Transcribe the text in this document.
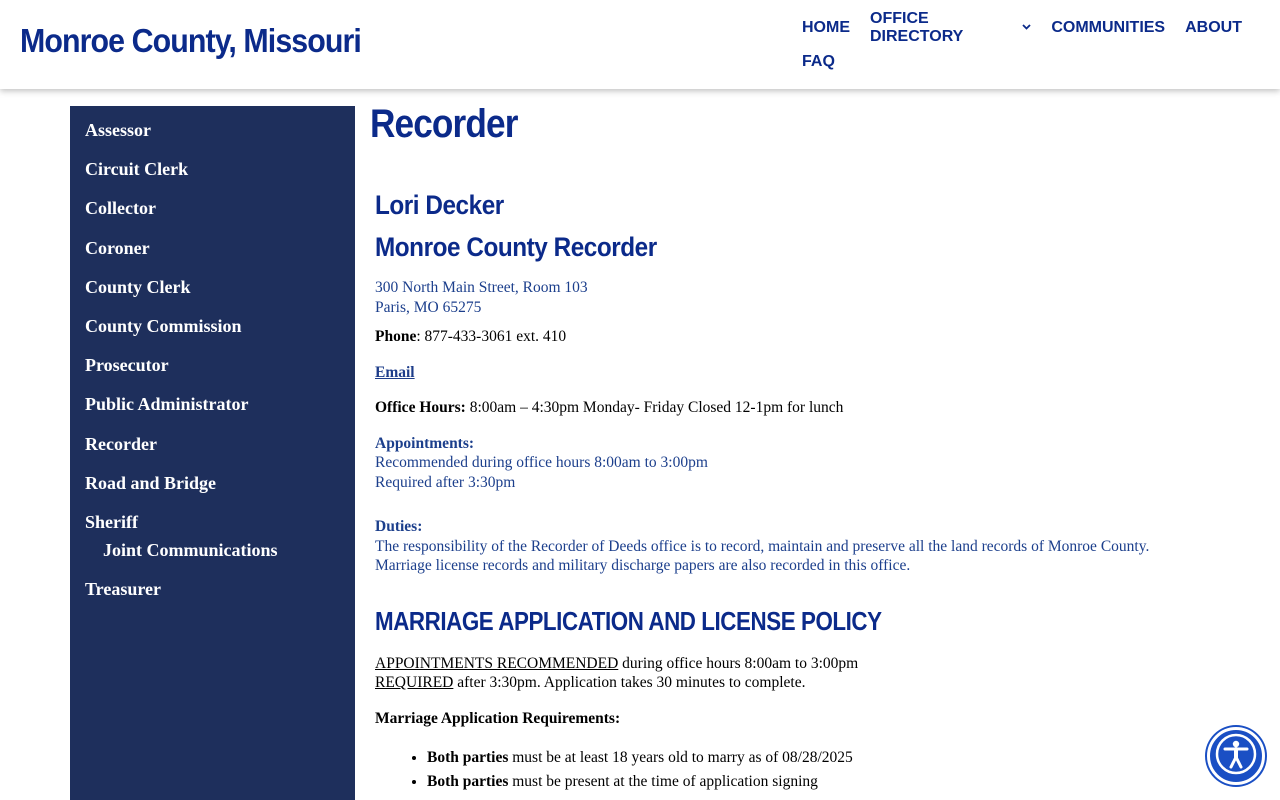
Monroe County, Missouri	HOME
OFFICE DIRECTORY
COMMUNITIES ABOUT
FAQ
Assessor
Circuit Clerk
Collector
Coroner
County Clerk
County Commission
Prosecutor
Public Administrator
Recorder
Road and Bridge
Sheriff
Joint Communications
Treasurer
Recorder
Lori Decker
Monroe County Recorder
300 North Main Street, Room 103
Paris, MO 65275
Phone: 877-433-3061 ext. 410
Email
Office Hours: 8:00am – 4:30pm Monday- Friday Closed 12-1pm for lunch
Appointments:
Recommended during office hours 8:00am to 3:00pm
Required after 3:30pm
Duties:
The responsibility of the Recorder of Deeds office is to record, maintain and preserve all the land records of Monroe County. Marriage license records and military discharge papers are also recorded in this office.
MARRIAGE APPLICATION AND LICENSE POLICY
APPOINTMENTS RECOMMENDED during office hours 8:00am to 3:00pm
REQUIRED after 3:30pm. Application takes 30 minutes to complete.
Marriage Application Requirements:
• Both parties must be at least 18 years old to marry as of 08/28/2025
• Both parties must be present at the time of application signing
